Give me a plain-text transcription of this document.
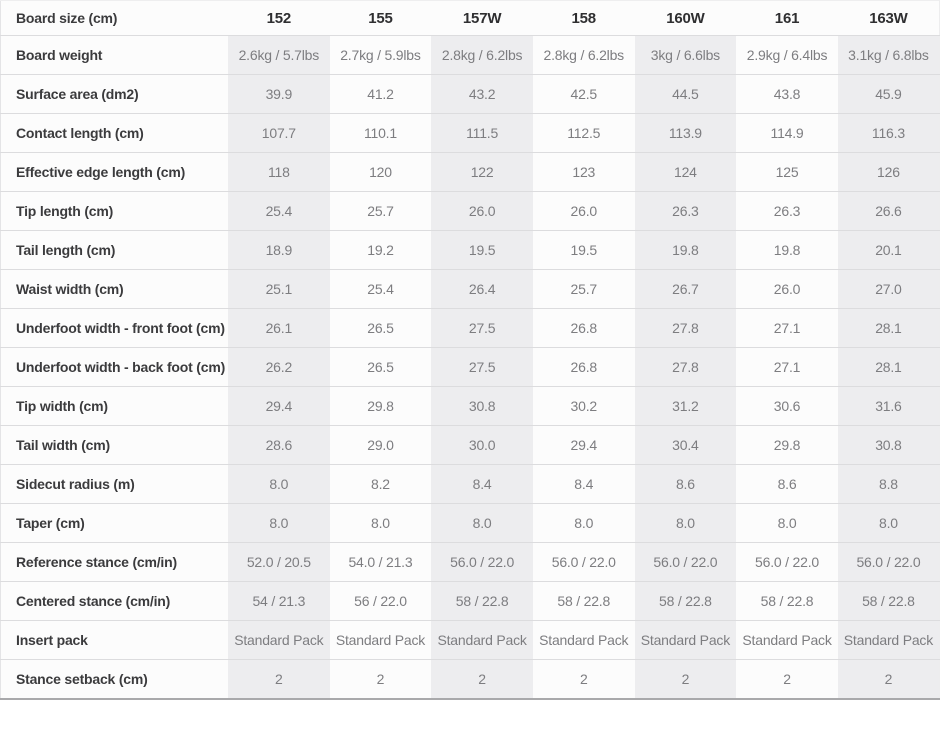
Board size (cm)	152	155	157W	158	160W	161	163W
Board weight	2.6kg / 5.7lbs	2.7kg / 5.9lbs	2.8kg / 6.2lbs	2.8kg / 6.2lbs	3kg / 6.6lbs	2.9kg / 6.4lbs	3.1kg / 6.8lbs
Surface area (dm2)	39.9	41.2	43.2	42.5	44.5	43.8	45.9
Contact length (cm)	107.7	110.1	111.5	112.5	113.9	114.9	116.3
Effective edge length (cm)	118	120	122	123	124	125	126
Tip length (cm)	25.4	25.7	26.0	26.0	26.3	26.3	26.6
Tail length (cm)	18.9	19.2	19.5	19.5	19.8	19.8	20.1
Waist width (cm)	25.1	25.4	26.4	25.7	26.7	26.0	27.0
Underfoot width - front foot (cm)	26.1	26.5	27.5	26.8	27.8	27.1	28.1
Underfoot width - back foot (cm)	26.2	26.5	27.5	26.8	27.8	27.1	28.1
Tip width (cm)	29.4	29.8	30.8	30.2	31.2	30.6	31.6
Tail width (cm)	28.6	29.0	30.0	29.4	30.4	29.8	30.8
Sidecut radius (m)	8.0	8.2	8.4	8.4	8.6	8.6	8.8
Taper (cm)	8.0	8.0	8.0	8.0	8.0	8.0	8.0
Reference stance (cm/in)	52.0 / 20.5	54.0 / 21.3	56.0 / 22.0	56.0 / 22.0	56.0 / 22.0	56.0 / 22.0	56.0 / 22.0
Centered stance (cm/in)	54 / 21.3	56 / 22.0	58 / 22.8	58 / 22.8	58 / 22.8	58 / 22.8	58 / 22.8
Insert pack	Standard Pack	Standard Pack	Standard Pack	Standard Pack	Standard Pack	Standard Pack	Standard Pack
Stance setback (cm)	2	2	2	2	2	2	2
